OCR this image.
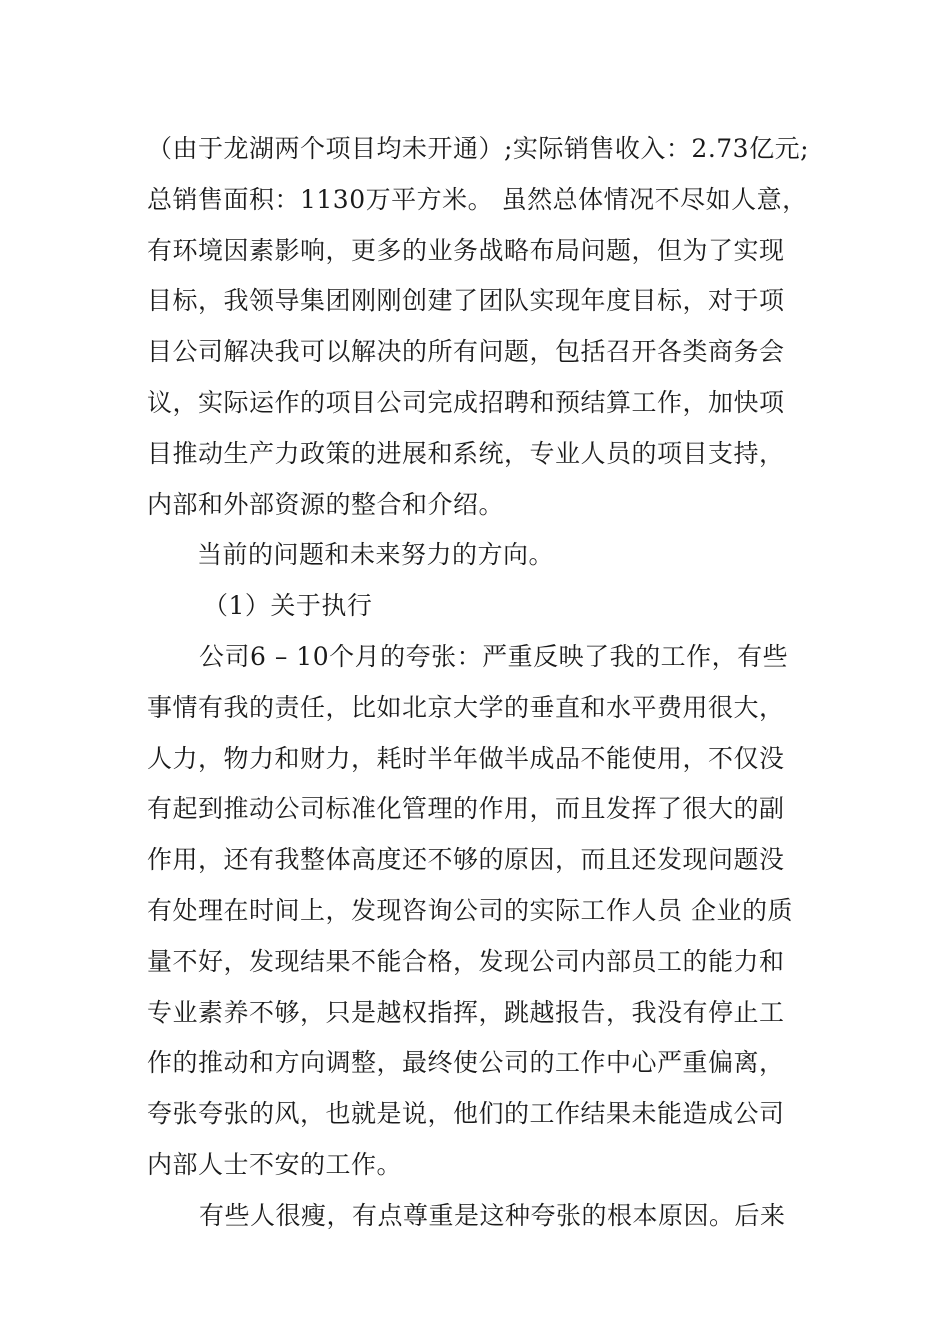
（由于龙湖两个项目均未开通）;实际销售收入：2.73亿元;
总销售面积：1130万平方米。 虽然总体情况不尽如人意，
有环境因素影响，更多的业务战略布局问题，但为了实现
目标，我领导集团刚刚创建了团队实现年度目标，对于项
目公司解决我可以解决的所有问题，包括召开各类商务会
议，实际运作的项目公司完成招聘和预结算工作，加快项
目推动生产力政策的进展和系统，专业人员的项目支持，
内部和外部资源的整合和介绍。
当前的问题和未来努力的方向。
（1）关于执行
公司6 – 10个月的夸张：严重反映了我的工作，有些
事情有我的责任，比如北京大学的垂直和水平费用很大，
人力，物力和财力，耗时半年做半成品不能使用，不仅没
有起到推动公司标准化管理的作用，而且发挥了很大的副
作用，还有我整体高度还不够的原因，而且还发现问题没
有处理在时间上，发现咨询公司的实际工作人员 企业的质
量不好，发现结果不能合格，发现公司内部员工的能力和
专业素养不够，只是越权指挥，跳越报告，我没有停止工
作的推动和方向调整，最终使公司的工作中心严重偏离，
夸张夸张的风，也就是说，他们的工作结果未能造成公司
内部人士不安的工作。
有些人很瘦，有点尊重是这种夸张的根本原因。后来
